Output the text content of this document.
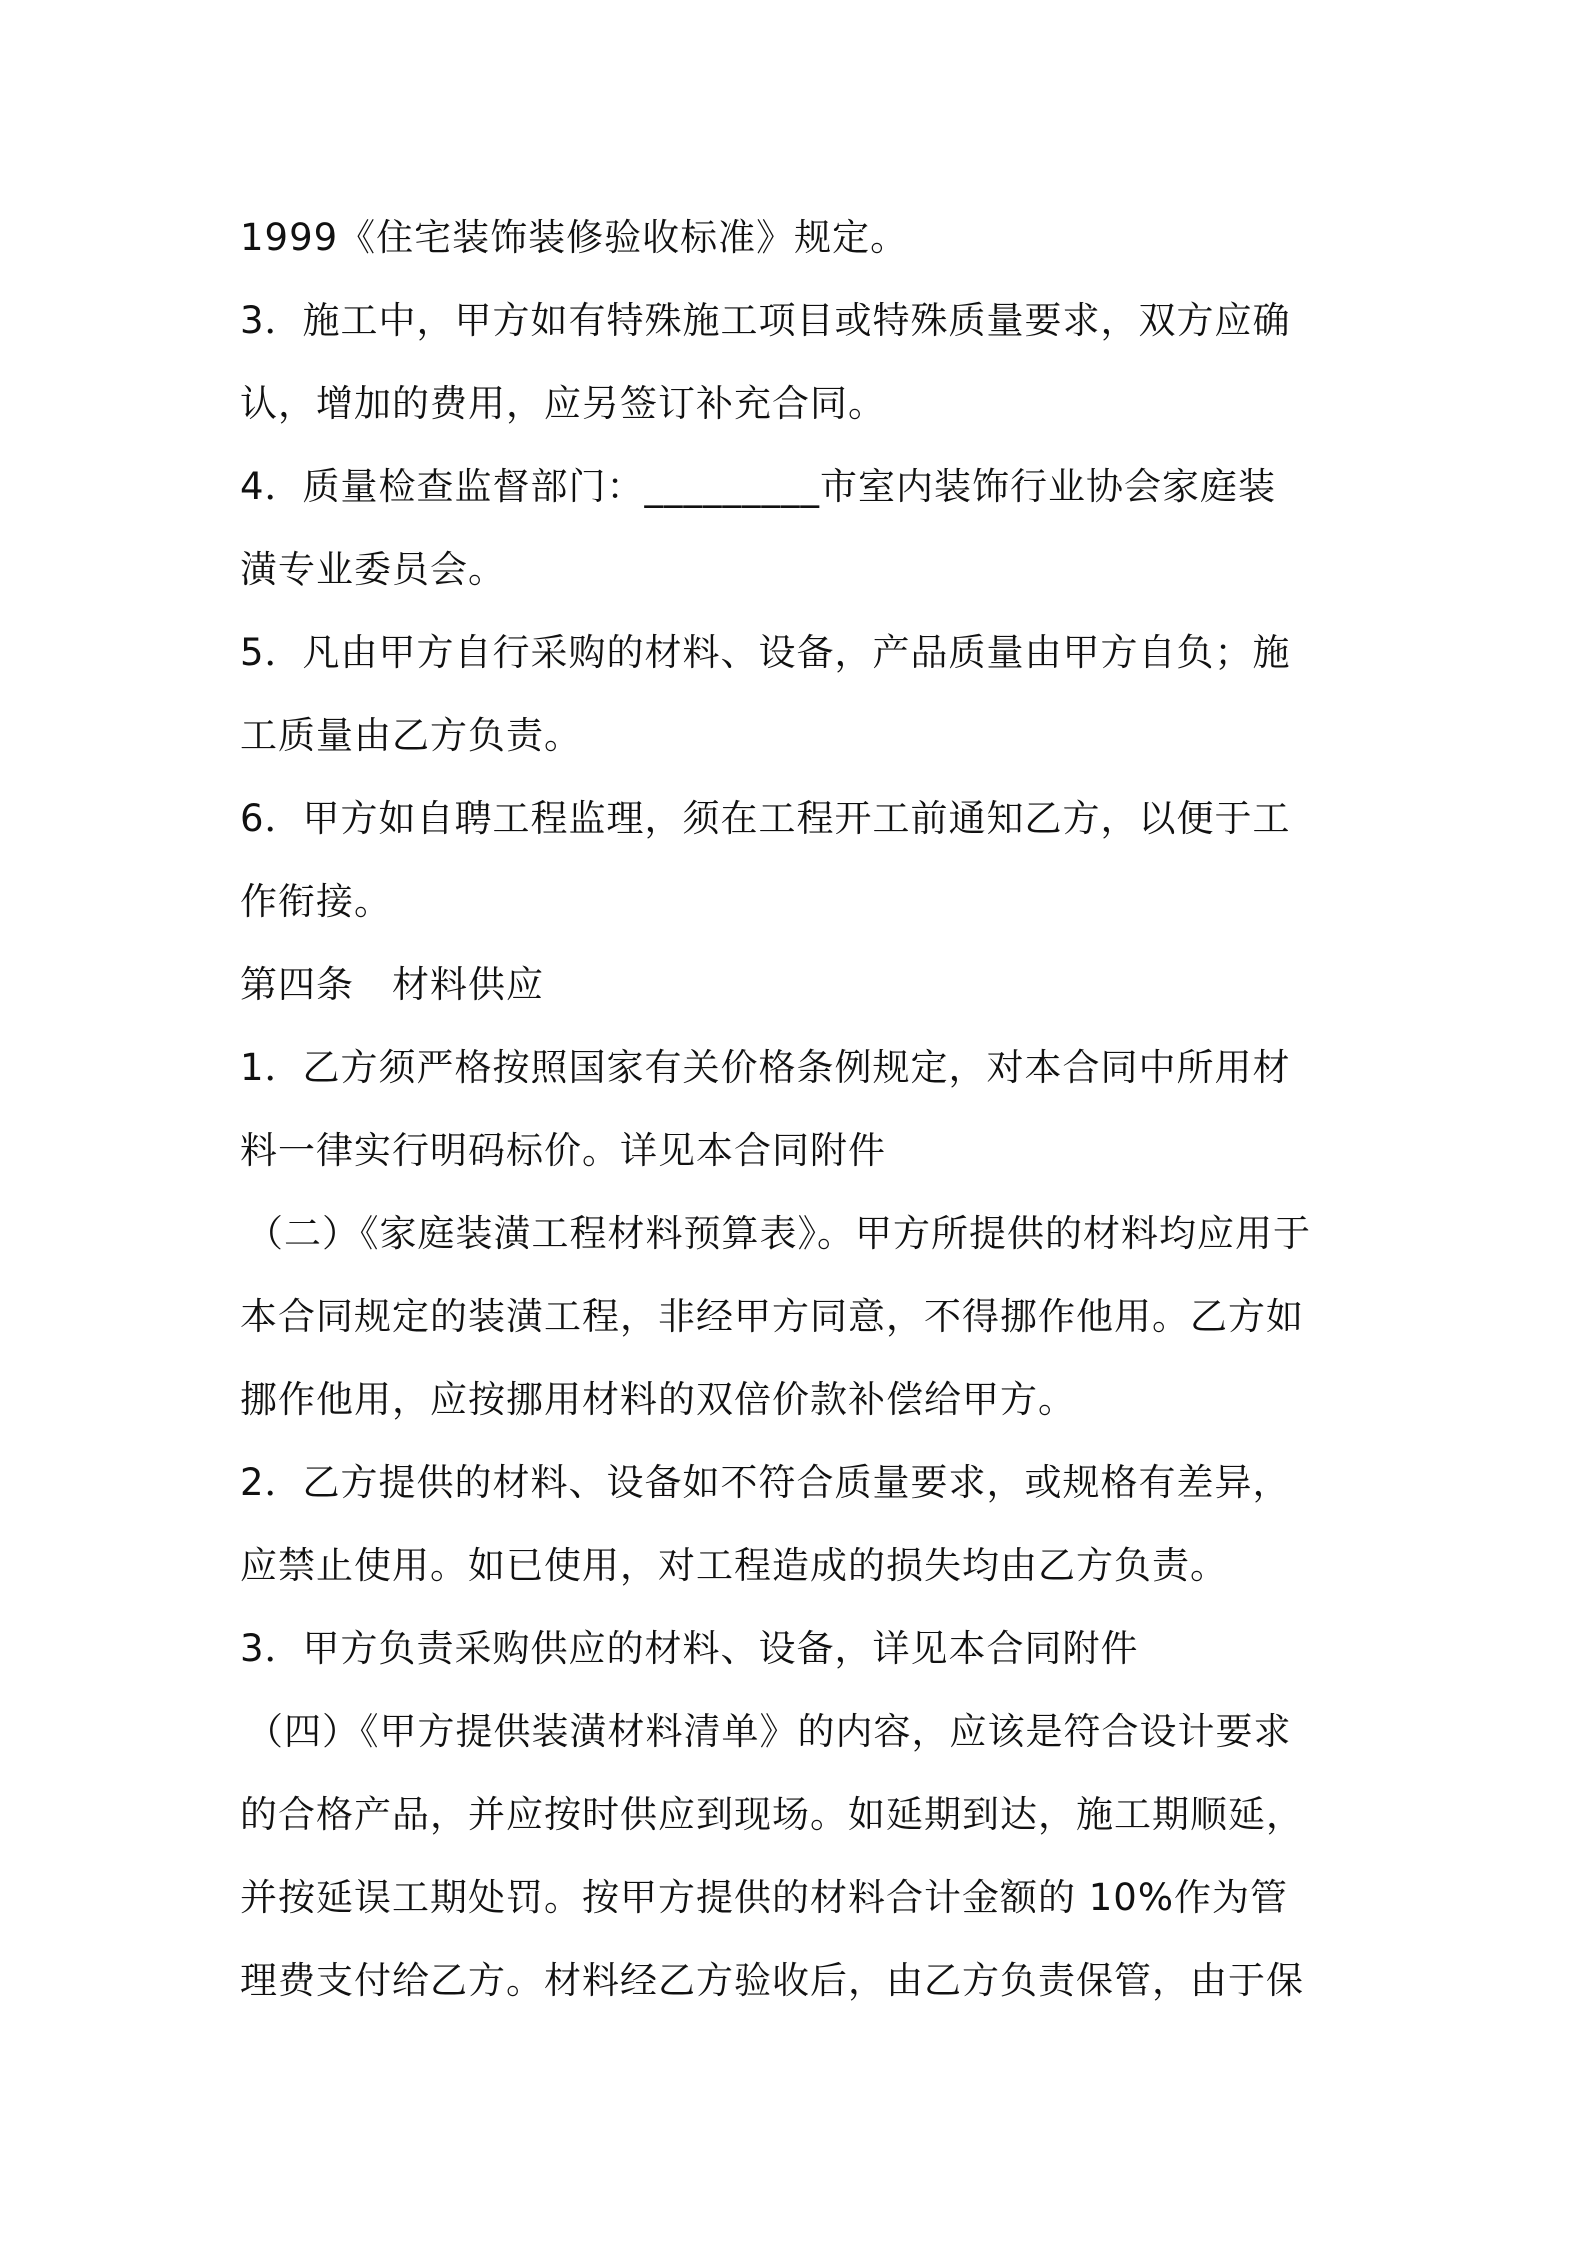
1999《住宅装饰装修验收标准》规定。
3．施工中，甲方如有特殊施工项目或特殊质量要求，双方应确
认，增加的费用，应另签订补充合同。
4．质量检查监督部门：_________市室内装饰行业协会家庭装
潢专业委员会。
5．凡由甲方自行采购的材料、设备，产品质量由甲方自负；施
工质量由乙方负责。
6．甲方如自聘工程监理，须在工程开工前通知乙方，以便于工
作衔接。
第四条　材料供应
1．乙方须严格按照国家有关价格条例规定，对本合同中所用材
料一律实行明码标价。详见本合同附件
（二）《家庭装潢工程材料预算表》。甲方所提供的材料均应用于
本合同规定的装潢工程，非经甲方同意，不得挪作他用。乙方如
挪作他用，应按挪用材料的双倍价款补偿给甲方。
2．乙方提供的材料、设备如不符合质量要求，或规格有差异，
应禁止使用。如已使用，对工程造成的损失均由乙方负责。
3．甲方负责采购供应的材料、设备，详见本合同附件
（四）《甲方提供装潢材料清单》的内容，应该是符合设计要求
的合格产品，并应按时供应到现场。如延期到达，施工期顺延，
并按延误工期处罚。按甲方提供的材料合计金额的 10%作为管
理费支付给乙方。材料经乙方验收后，由乙方负责保管，由于保
